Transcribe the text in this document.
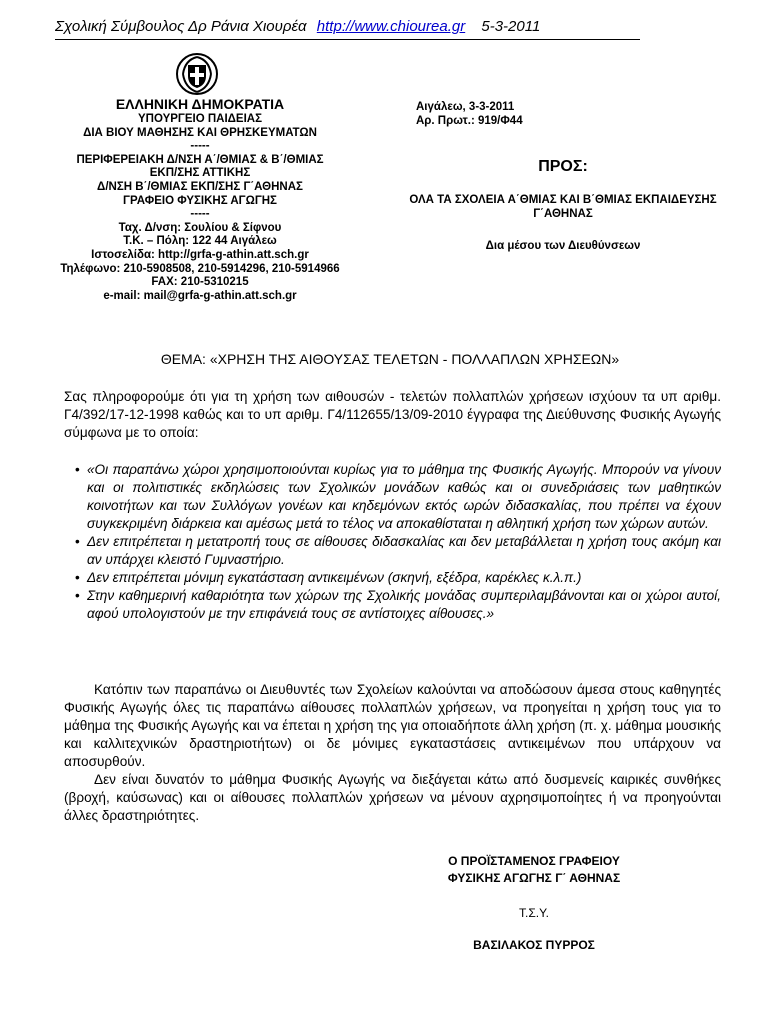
Σχολική Σύμβουλος Δρ Ράνια Χιουρέα http://www.chiourea.gr 5-3-2011
ΕΛΛΗΝΙΚΗ ΔΗΜΟΚΡΑΤΙΑ
ΥΠΟΥΡΓΕΙΟ ΠΑΙΔΕΙΑΣ
ΔΙΑ ΒΙΟΥ ΜΑΘΗΣΗΣ ΚΑΙ ΘΡΗΣΚΕΥΜΑΤΩΝ
-----
ΠΕΡΙΦΕΡΕΙΑΚΗ Δ/ΝΣΗ Α΄/ΘΜΙΑΣ & Β΄/ΘΜΙΑΣ
ΕΚΠ/ΣΗΣ ΑΤΤΙΚΗΣ
Δ/ΝΣΗ Β΄/ΘΜΙΑΣ ΕΚΠ/ΣΗΣ Γ΄ΑΘΗΝΑΣ
ΓΡΑΦΕΙΟ ΦΥΣΙΚΗΣ ΑΓΩΓΗΣ
-----
Ταχ. Δ/νση: Σουλίου & Σίφνου
Τ.Κ. – Πόλη: 122 44 Αιγάλεω
Ιστοσελίδα: http://grfa-g-athin.att.sch.gr
Τηλέφωνο: 210-5908508, 210-5914296, 210-5914966
FAX: 210-5310215
e-mail: mail@grfa-g-athin.att.sch.gr
Αιγάλεω, 3-3-2011
Αρ. Πρωτ.: 919/Φ44
ΠΡΟΣ:
ΟΛΑ ΤΑ ΣΧΟΛΕΙΑ Α΄ΘΜΙΑΣ ΚΑΙ Β΄ΘΜΙΑΣ ΕΚΠΑΙΔΕΥΣΗΣ
Γ΄ΑΘΗΝΑΣ
Δια μέσου των Διευθύνσεων
ΘΕΜΑ: «ΧΡΗΣΗ ΤΗΣ ΑΙΘΟΥΣΑΣ ΤΕΛΕΤΩΝ - ΠΟΛΛΑΠΛΩΝ ΧΡΗΣΕΩΝ»
Σας πληροφορούμε ότι για τη χρήση των αιθουσών - τελετών πολλαπλών χρήσεων ισχύουν τα υπ αριθμ. Γ4/392/17-12-1998 καθώς και το υπ αριθμ. Γ4/112655/13/09-2010 έγγραφα της Διεύθυνσης Φυσικής Αγωγής σύμφωνα με το οποία:
• «Οι παραπάνω χώροι χρησιμοποιούνται κυρίως για το μάθημα της Φυσικής Αγωγής. Μπορούν να γίνουν και οι πολιτιστικές εκδηλώσεις των Σχολικών μονάδων καθώς και οι συνεδριάσεις των μαθητικών κοινοτήτων και των Συλλόγων γονέων και κηδεμόνων εκτός ωρών διδασκαλίας, που πρέπει να έχουν συγκεκριμένη διάρκεια και αμέσως μετά το τέλος να αποκαθίσταται η αθλητική χρήση των χώρων αυτών.
• Δεν επιτρέπεται η μετατροπή τους σε αίθουσες διδασκαλίας και δεν μεταβάλλεται η χρήση τους ακόμη και αν υπάρχει κλειστό Γυμναστήριο.
• Δεν επιτρέπεται μόνιμη εγκατάσταση αντικειμένων (σκηνή, εξέδρα, καρέκλες κ.λ.π.)
• Στην καθημερινή καθαριότητα των χώρων της Σχολικής μονάδας συμπεριλαμβάνονται και οι χώροι αυτοί, αφού υπολογιστούν με την επιφάνειά τους σε αντίστοιχες αίθουσες.»

Κατόπιν των παραπάνω οι Διευθυντές των Σχολείων καλούνται να αποδώσουν άμεσα στους καθηγητές Φυσικής Αγωγής όλες τις παραπάνω αίθουσες πολλαπλών χρήσεων, να προηγείται η χρήση τους για το μάθημα της Φυσικής Αγωγής και να έπεται η χρήση της για οποιαδήποτε άλλη χρήση (π. χ. μάθημα μουσικής και καλλιτεχνικών δραστηριοτήτων) οι δε μόνιμες εγκαταστάσεις αντικειμένων που υπάρχουν να αποσυρθούν.

Δεν είναι δυνατόν το μάθημα Φυσικής Αγωγής να διεξάγεται κάτω από δυσμενείς καιρικές συνθήκες (βροχή, καύσωνας) και οι αίθουσες πολλαπλών χρήσεων να μένουν αχρησιμοποίητες ή να προηγούνται άλλες δραστηριότητες.

Ο ΠΡΟΪΣΤΑΜΕΝΟΣ ΓΡΑΦΕΙΟΥ
ΦΥΣΙΚΗΣ ΑΓΩΓΗΣ Γ΄ ΑΘΗΝΑΣ
Τ.Σ.Υ.
ΒΑΣΙΛΑΚΟΣ ΠΥΡΡΟΣ
